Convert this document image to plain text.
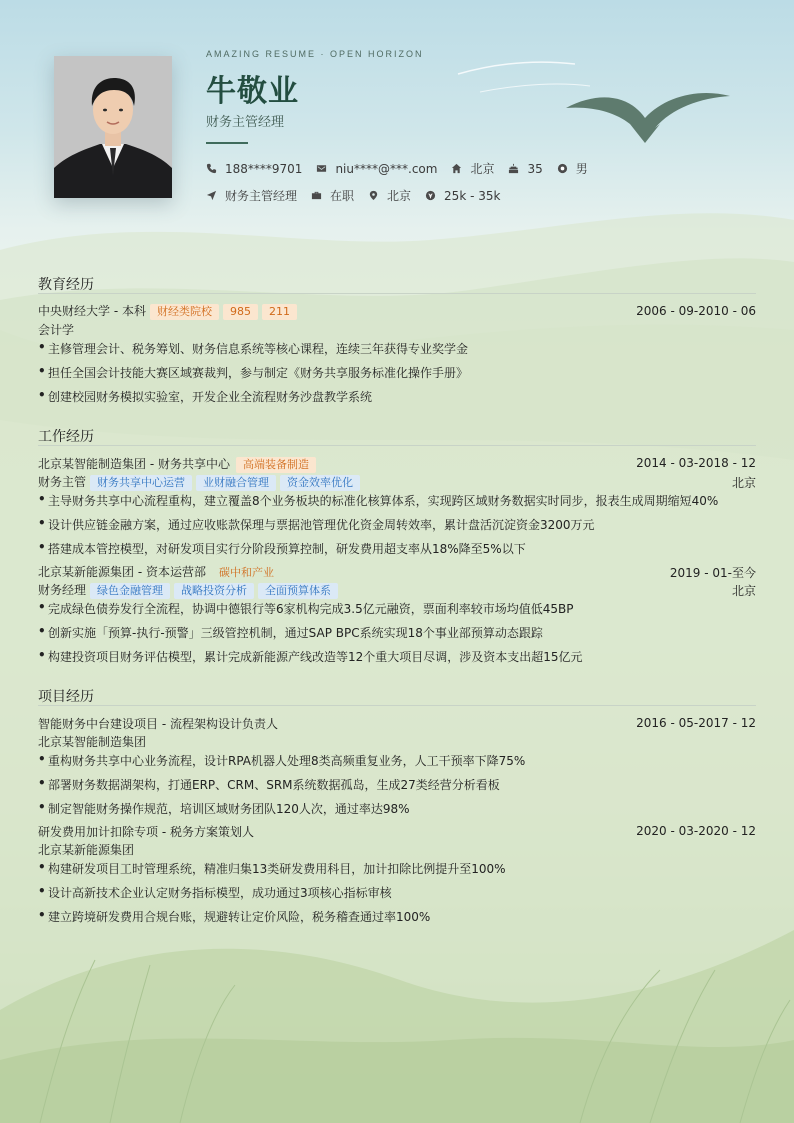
AMAZING RESUME · OPEN HORIZON
牛敬业
财务主管经理
188****9701	niu****@***.com	北京	35	男
财务主管经理	在职	北京	25k - 35k
教育经历
中央财经大学 - 本科 财经类院校 985 211	2006 - 09-2010 - 06
会计学
• 主修管理会计、税务筹划、财务信息系统等核心课程，连续三年获得专业奖学金
• 担任全国会计技能大赛区域赛裁判，参与制定《财务共享服务标准化操作手册》
• 创建校园财务模拟实验室，开发企业全流程财务沙盘教学系统
工作经历
北京某智能制造集团 - 财务共享中心 高端装备制造	2014 - 03-2018 - 12
财务主管 财务共享中心运营 业财融合管理 资金效率优化	北京
• 主导财务共享中心流程重构，建立覆盖8个业务板块的标准化核算体系，实现跨区域财务数据实时同步，报表生成周期缩短40%
• 设计供应链金融方案，通过应收账款保理与票据池管理优化资金周转效率，累计盘活沉淀资金3200万元
• 搭建成本管控模型，对研发项目实行分阶段预算控制，研发费用超支率从18%降至5%以下
北京某新能源集团 - 资本运营部 碳中和产业	2019 - 01-至今
财务经理 绿色金融管理 战略投资分析 全面预算体系	北京
• 完成绿色债券发行全流程，协调中德银行等6家机构完成3.5亿元融资，票面利率较市场均值低45BP
• 创新实施「预算-执行-预警」三级管控机制，通过SAP BPC系统实现18个事业部预算动态跟踪
• 构建投资项目财务评估模型，累计完成新能源产线改造等12个重大项目尽调，涉及资本支出超15亿元
项目经历
智能财务中台建设项目 - 流程架构设计负责人	2016 - 05-2017 - 12
北京某智能制造集团
• 重构财务共享中心业务流程，设计RPA机器人处理8类高频重复业务，人工干预率下降75%
• 部署财务数据湖架构，打通ERP、CRM、SRM系统数据孤岛，生成27类经营分析看板
• 制定智能财务操作规范，培训区域财务团队120人次，通过率达98%
研发费用加计扣除专项 - 税务方案策划人	2020 - 03-2020 - 12
北京某新能源集团
• 构建研发项目工时管理系统，精准归集13类研发费用科目，加计扣除比例提升至100%
• 设计高新技术企业认定财务指标模型，成功通过3项核心指标审核
• 建立跨境研发费用合规台账，规避转让定价风险，税务稽查通过率100%
